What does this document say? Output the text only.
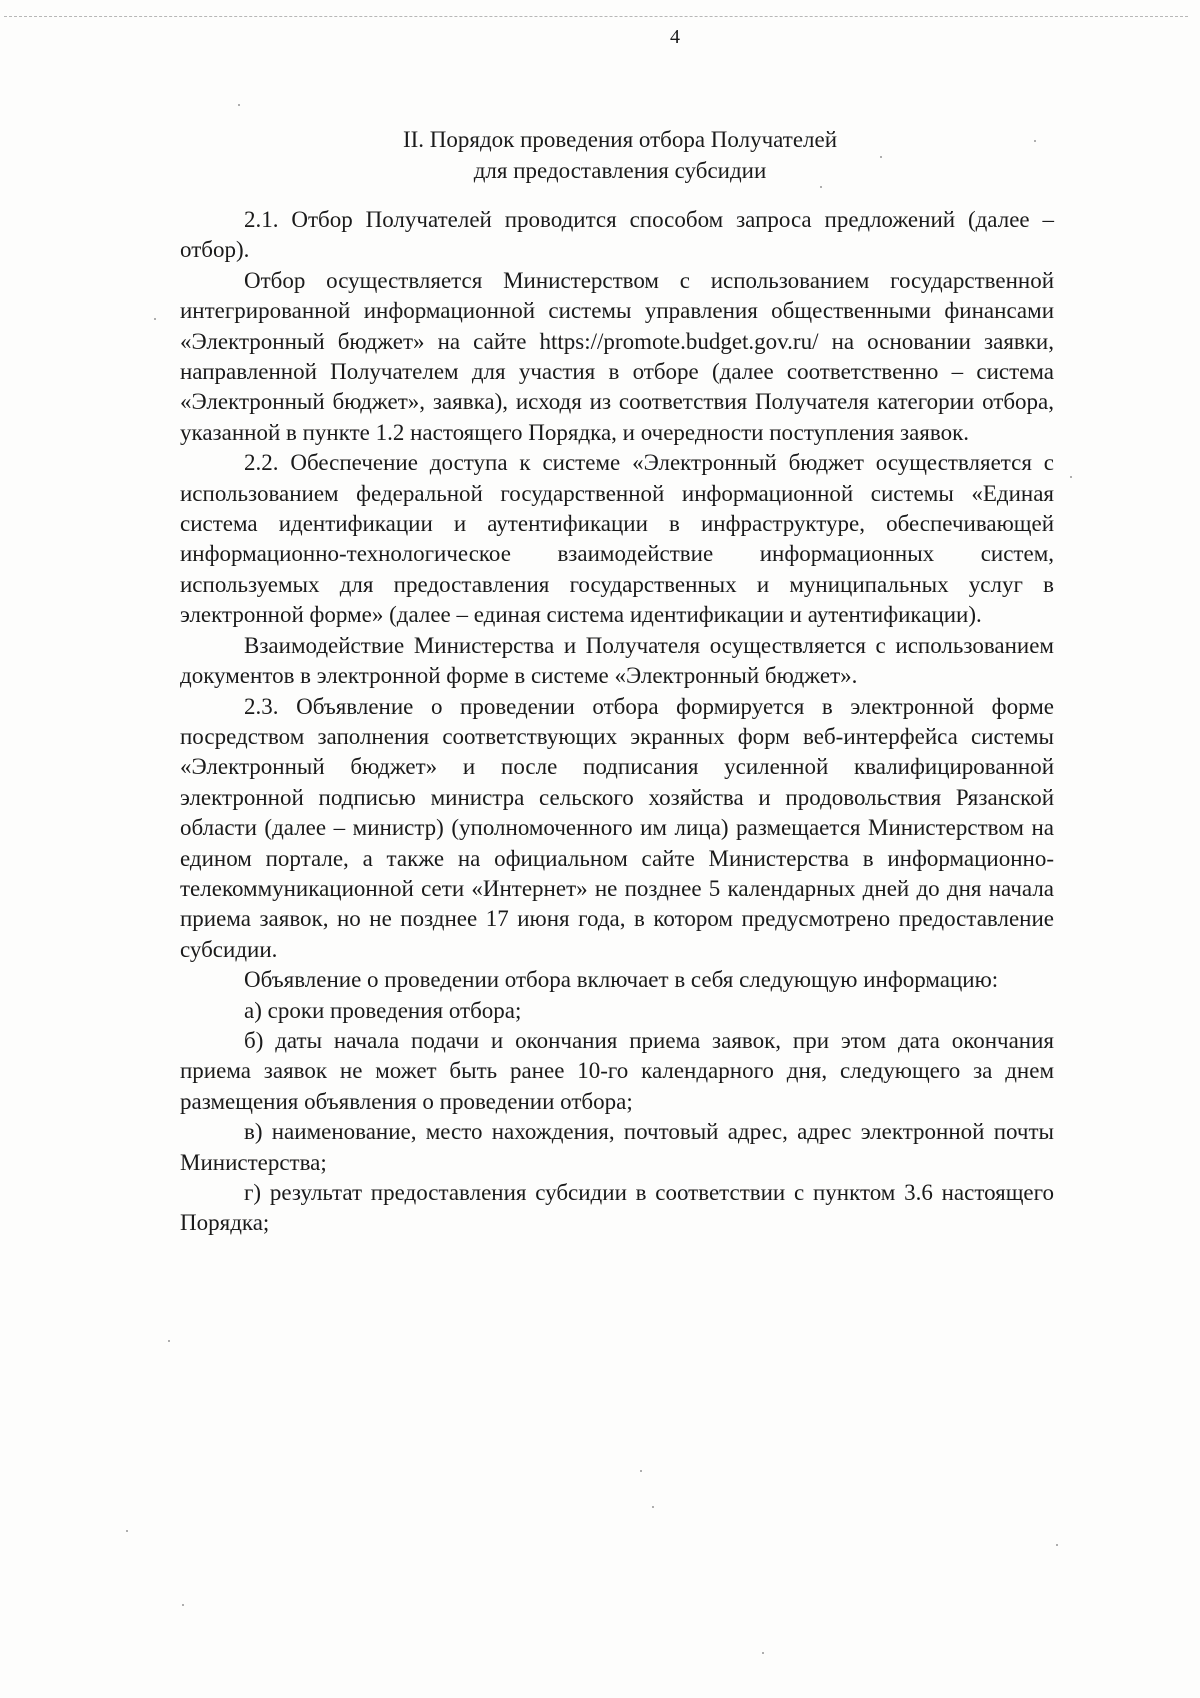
4
II. Порядок проведения отбора Получателей
для предоставления субсидии

2.1. Отбор Получателей проводится способом запроса предложений (далее – отбор).

Отбор осуществляется Министерством с использованием государственной интегрированной информационной системы управления общественными финансами «Электронный бюджет» на сайте https://promote.budget.gov.ru/ на основании заявки, направленной Получателем для участия в отборе (далее соответственно – система «Электронный бюджет», заявка), исходя из соответствия Получателя категории отбора, указанной в пункте 1.2 настоящего Порядка, и очередности поступления заявок.

2.2. Обеспечение доступа к системе «Электронный бюджет осуществляется с использованием федеральной государственной информационной системы «Единая система идентификации и аутентификации в инфраструктуре, обеспечивающей информационно-технологическое взаимодействие информационных систем, используемых для предоставления государственных и муниципальных услуг в электронной форме» (далее – единая система идентификации и аутентификации).

Взаимодействие Министерства и Получателя осуществляется с использованием документов в электронной форме в системе «Электронный бюджет».

2.3. Объявление о проведении отбора формируется в электронной форме посредством заполнения соответствующих экранных форм веб-интерфейса системы «Электронный бюджет» и после подписания усиленной квалифицированной электронной подписью министра сельского хозяйства и продовольствия Рязанской области (далее – министр) (уполномоченного им лица) размещается Министерством на едином портале, а также на официальном сайте Министерства в информационно-телекоммуникационной сети «Интернет» не позднее 5 календарных дней до дня начала приема заявок, но не позднее 17 июня года, в котором предусмотрено предоставление субсидии.

Объявление о проведении отбора включает в себя следующую информацию:

а) сроки проведения отбора;

б) даты начала подачи и окончания приема заявок, при этом дата окончания приема заявок не может быть ранее 10-го календарного дня, следующего за днем размещения объявления о проведении отбора;

в) наименование, место нахождения, почтовый адрес, адрес электронной почты Министерства;

г) результат предоставления субсидии в соответствии с пунктом 3.6 настоящего Порядка;
